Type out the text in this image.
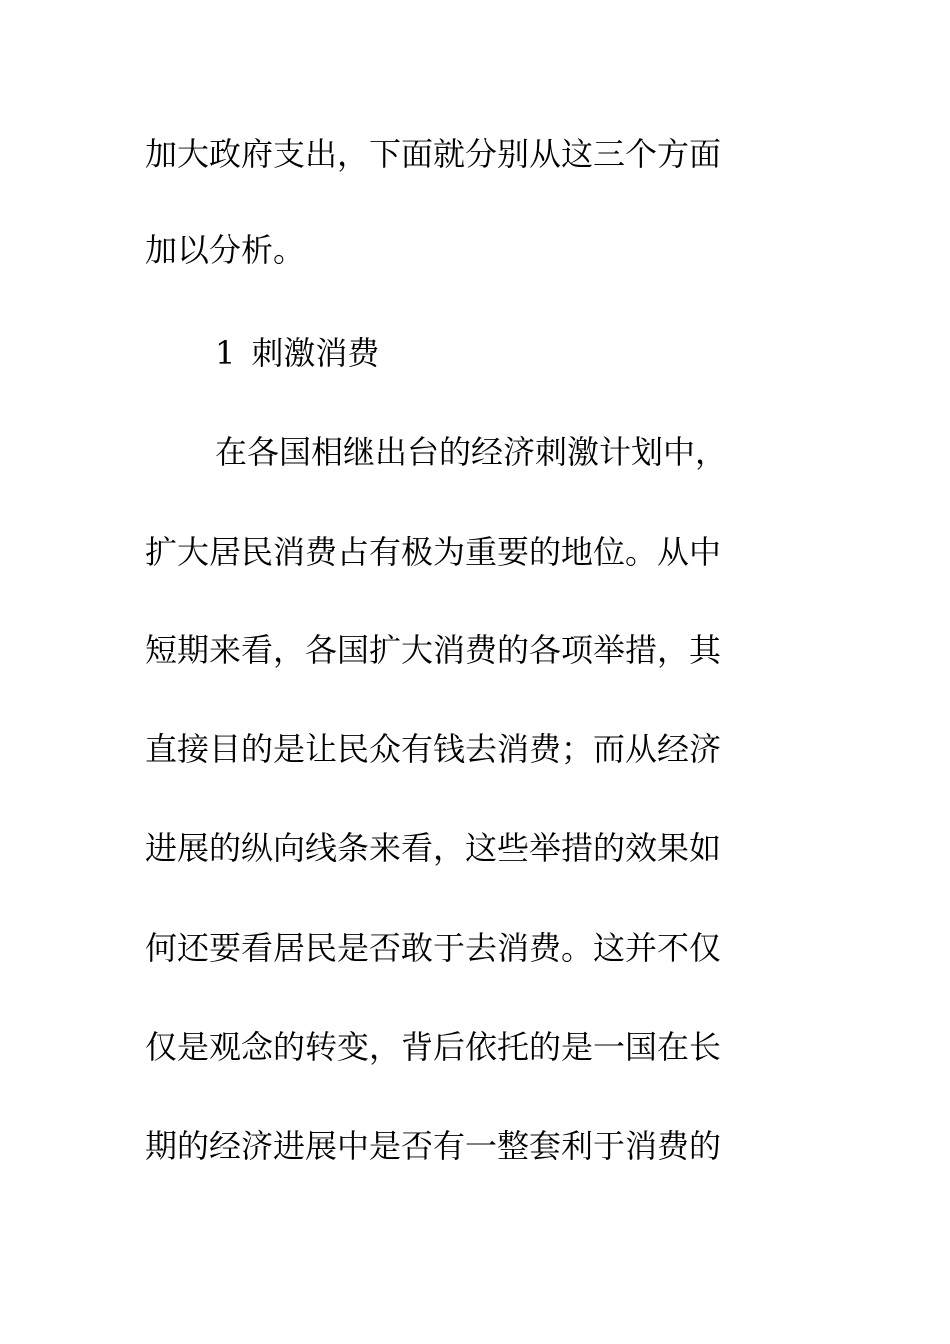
加大政府支出，下面就分别从这三个方面
加以分析。
1 刺激消费
在各国相继出台的经济刺激计划中，
扩大居民消费占有极为重要的地位。从中
短期来看，各国扩大消费的各项举措，其
直接目的是让民众有钱去消费；而从经济
进展的纵向线条来看，这些举措的效果如
何还要看居民是否敢于去消费。这并不仅
仅是观念的转变，背后依托的是一国在长
期的经济进展中是否有一整套利于消费的
